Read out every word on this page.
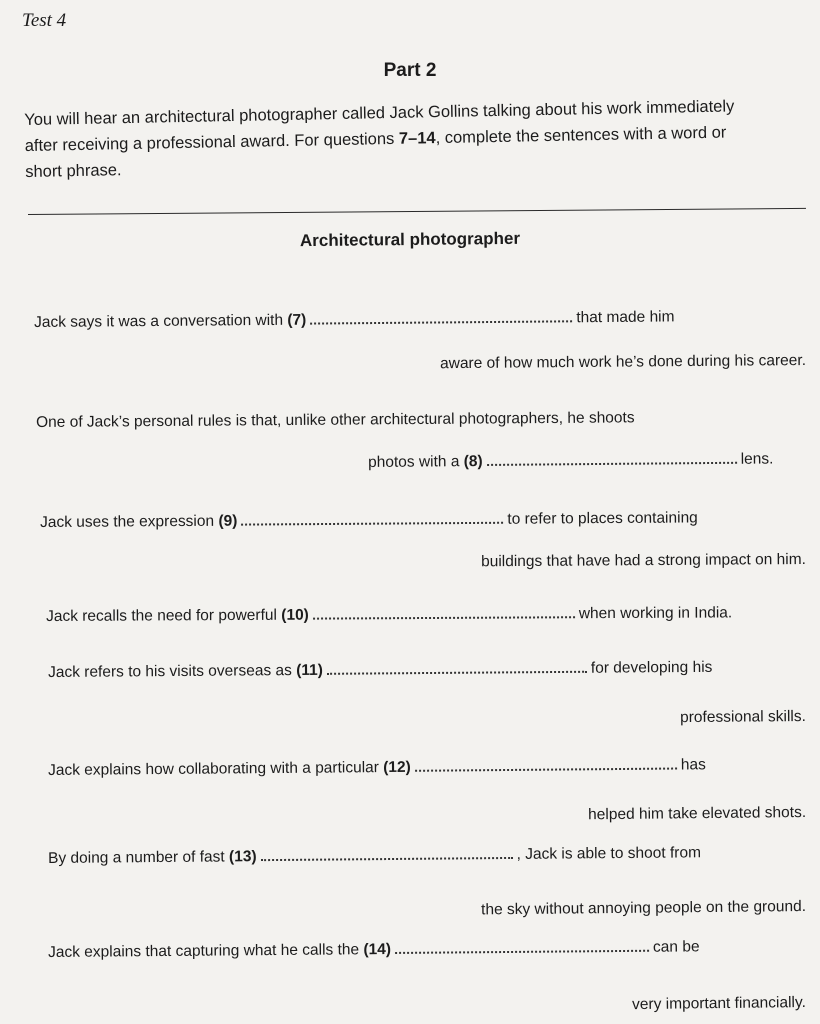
Test 4
Part 2
You will hear an architectural photographer called Jack Gollins talking about his work immediately
after receiving a professional award. For questions 7–14, complete the sentences with a word or
short phrase.
Architectural photographer
Jack says it was a conversation with (7)	that made him
aware of how much work he’s done during his career.
One of Jack’s personal rules is that, unlike other architectural photographers, he shoots
photos with a (8)	lens.
Jack uses the expression (9)	to refer to places containing
buildings that have had a strong impact on him.
Jack recalls the need for powerful (10)	when working in India.
Jack refers to his visits overseas as (11)	for developing his
professional skills.
Jack explains how collaborating with a particular (12)	has
helped him take elevated shots.
By doing a number of fast (13)	, Jack is able to shoot from
the sky without annoying people on the ground.
Jack explains that capturing what he calls the (14)	can be
very important financially.
